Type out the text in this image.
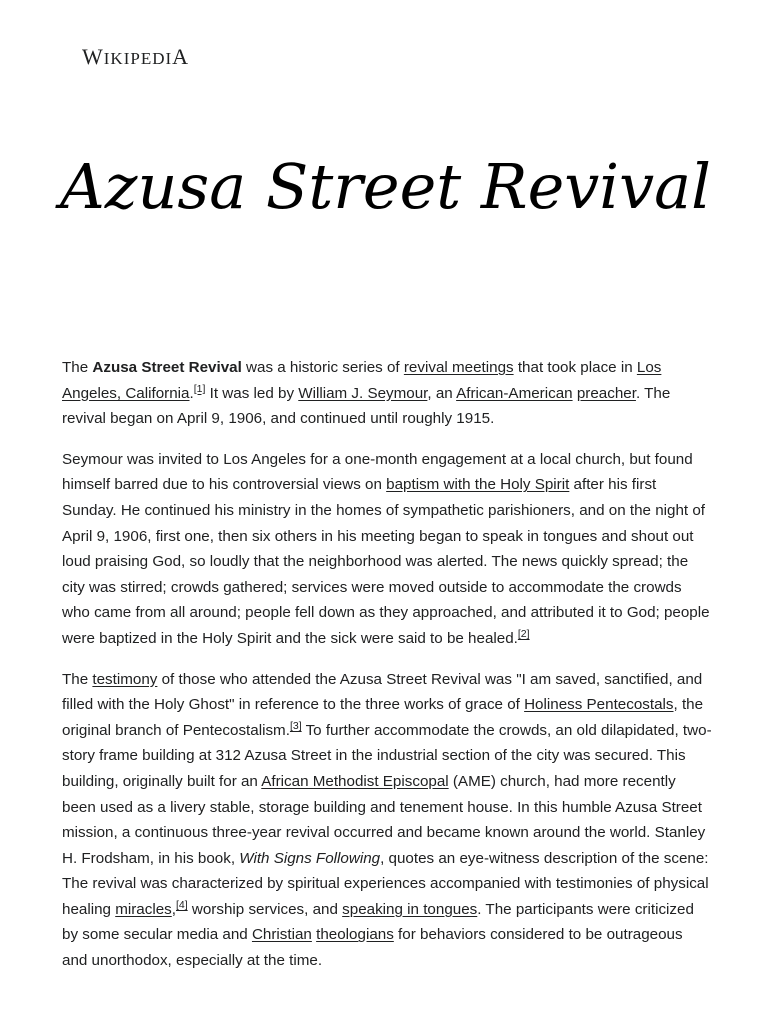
WIKIPEDIA
Azusa Street Revival

The Azusa Street Revival was a historic series of revival meetings that took place in Los Angeles, California.[1] It was led by William J. Seymour, an African-American preacher. The revival began on April 9, 1906, and continued until roughly 1915.

Seymour was invited to Los Angeles for a one-month engagement at a local church, but found himself barred due to his controversial views on baptism with the Holy Spirit after his first Sunday. He continued his ministry in the homes of sympathetic parishioners, and on the night of April 9, 1906, first one, then six others in his meeting began to speak in tongues and shout out loud praising God, so loudly that the neighborhood was alerted. The news quickly spread; the city was stirred; crowds gathered; services were moved outside to accommodate the crowds who came from all around; people fell down as they approached, and attributed it to God; people were baptized in the Holy Spirit and the sick were said to be healed.[2]

The testimony of those who attended the Azusa Street Revival was "I am saved, sanctified, and filled with the Holy Ghost" in reference to the three works of grace of Holiness Pentecostals, the original branch of Pentecostalism.[3] To further accommodate the crowds, an old dilapidated, two-story frame building at 312 Azusa Street in the industrial section of the city was secured. This building, originally built for an African Methodist Episcopal (AME) church, had more recently been used as a livery stable, storage building and tenement house. In this humble Azusa Street mission, a continuous three-year revival occurred and became known around the world. Stanley H. Frodsham, in his book, With Signs Following, quotes an eye-witness description of the scene: The revival was characterized by spiritual experiences accompanied with testimonies of physical healing miracles,[4] worship services, and speaking in tongues. The participants were criticized by some secular media and Christian theologians for behaviors considered to be outrageous and unorthodox, especially at the time.
